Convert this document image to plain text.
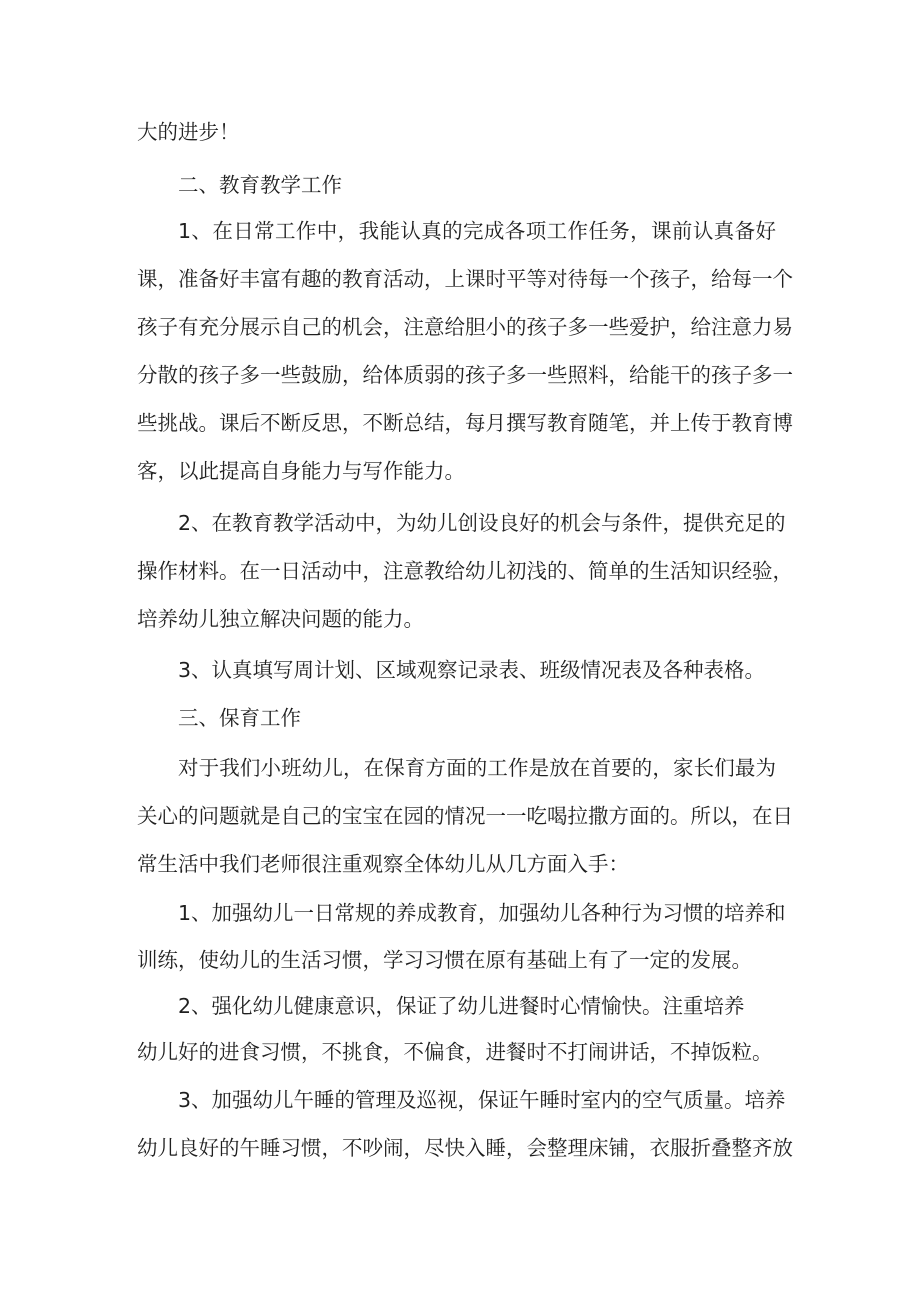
大的进步！
二、教育教学工作
1、在日常工作中，我能认真的完成各项工作任务，课前认真备好
课，准备好丰富有趣的教育活动，上课时平等对待每一个孩子，给每一个
孩子有充分展示自己的机会，注意给胆小的孩子多一些爱护，给注意力易
分散的孩子多一些鼓励，给体质弱的孩子多一些照料，给能干的孩子多一
些挑战。课后不断反思，不断总结，每月撰写教育随笔，并上传于教育博
客，以此提高自身能力与写作能力。
2、在教育教学活动中，为幼儿创设良好的机会与条件，提供充足的
操作材料。在一日活动中，注意教给幼儿初浅的、简单的生活知识经验，
培养幼儿独立解决问题的能力。
3、认真填写周计划、区域观察记录表、班级情况表及各种表格。
三、保育工作
对于我们小班幼儿，在保育方面的工作是放在首要的，家长们最为
关心的问题就是自己的宝宝在园的情况一一吃喝拉撒方面的。所以，在日
常生活中我们老师很注重观察全体幼儿从几方面入手：
1、加强幼儿一日常规的养成教育，加强幼儿各种行为习惯的培养和
训练，使幼儿的生活习惯，学习习惯在原有基础上有了一定的发展。
2、强化幼儿健康意识，保证了幼儿进餐时心情愉快。注重培养
幼儿好的进食习惯，不挑食，不偏食，进餐时不打闹讲话，不掉饭粒。
3、加强幼儿午睡的管理及巡视，保证午睡时室内的空气质量。培养
幼儿良好的午睡习惯，不吵闹，尽快入睡，会整理床铺，衣服折叠整齐放
